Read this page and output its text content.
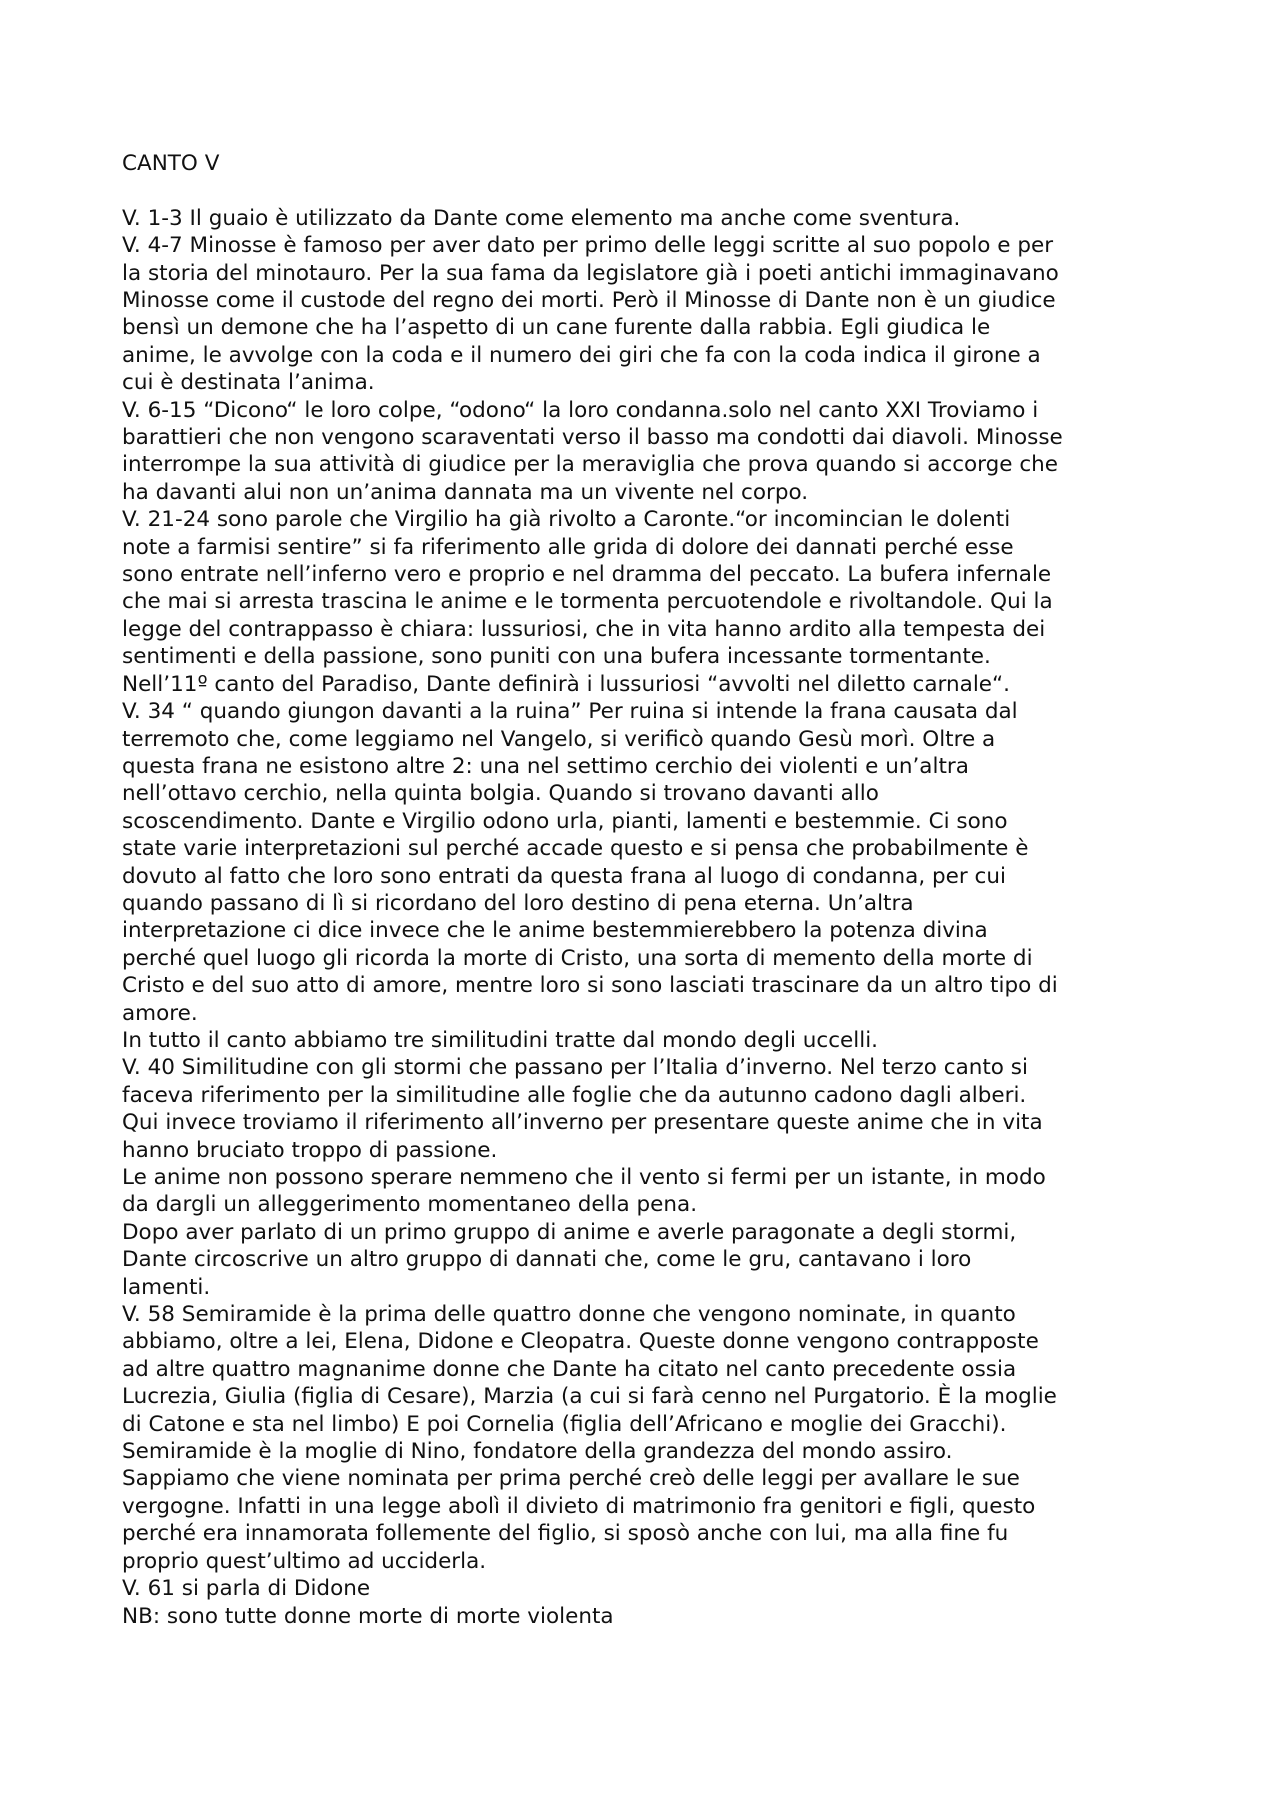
CANTO V
V. 1-3 Il guaio è utilizzato da Dante come elemento ma anche come sventura.
V. 4-7 Minosse è famoso per aver dato per primo delle leggi scritte al suo popolo e per
la storia del minotauro. Per la sua fama da legislatore già i poeti antichi immaginavano
Minosse come il custode del regno dei morti. Però il Minosse di Dante non è un giudice
bensì un demone che ha l’aspetto di un cane furente dalla rabbia. Egli giudica le
anime, le avvolge con la coda e il numero dei giri che fa con la coda indica il girone a
cui è destinata l’anima.
V. 6-15 “Dicono“ le loro colpe, “odono“ la loro condanna.solo nel canto XXI Troviamo i
barattieri che non vengono scaraventati verso il basso ma condotti dai diavoli. Minosse
interrompe la sua attività di giudice per la meraviglia che prova quando si accorge che
ha davanti alui non un’anima dannata ma un vivente nel corpo.
V. 21-24 sono parole che Virgilio ha già rivolto a Caronte.“or incomincian le dolenti
note a farmisi sentire” si fa riferimento alle grida di dolore dei dannati perché esse
sono entrate nell’inferno vero e proprio e nel dramma del peccato. La bufera infernale
che mai si arresta trascina le anime e le tormenta percuotendole e rivoltandole. Qui la
legge del contrappasso è chiara: lussuriosi, che in vita hanno ardito alla tempesta dei
sentimenti e della passione, sono puniti con una bufera incessante tormentante.
Nell’11º canto del Paradiso, Dante definirà i lussuriosi “avvolti nel diletto carnale“.
V. 34 “ quando giungon davanti a la ruina” Per ruina si intende la frana causata dal
terremoto che, come leggiamo nel Vangelo, si verificò quando Gesù morì. Oltre a
questa frana ne esistono altre 2: una nel settimo cerchio dei violenti e un’altra
nell’ottavo cerchio, nella quinta bolgia. Quando si trovano davanti allo
scoscendimento. Dante e Virgilio odono urla, pianti, lamenti e bestemmie. Ci sono
state varie interpretazioni sul perché accade questo e si pensa che probabilmente è
dovuto al fatto che loro sono entrati da questa frana al luogo di condanna, per cui
quando passano di lì si ricordano del loro destino di pena eterna. Un’altra
interpretazione ci dice invece che le anime bestemmierebbero la potenza divina
perché quel luogo gli ricorda la morte di Cristo, una sorta di memento della morte di
Cristo e del suo atto di amore, mentre loro si sono lasciati trascinare da un altro tipo di
amore.
In tutto il canto abbiamo tre similitudini tratte dal mondo degli uccelli.
V. 40 Similitudine con gli stormi che passano per l’Italia d’inverno. Nel terzo canto si
faceva riferimento per la similitudine alle foglie che da autunno cadono dagli alberi.
Qui invece troviamo il riferimento all’inverno per presentare queste anime che in vita
hanno bruciato troppo di passione.
Le anime non possono sperare nemmeno che il vento si fermi per un istante, in modo
da dargli un alleggerimento momentaneo della pena.
Dopo aver parlato di un primo gruppo di anime e averle paragonate a degli stormi,
Dante circoscrive un altro gruppo di dannati che, come le gru, cantavano i loro
lamenti.
V. 58 Semiramide è la prima delle quattro donne che vengono nominate, in quanto
abbiamo, oltre a lei, Elena, Didone e Cleopatra. Queste donne vengono contrapposte
ad altre quattro magnanime donne che Dante ha citato nel canto precedente ossia
Lucrezia, Giulia (figlia di Cesare), Marzia (a cui si farà cenno nel Purgatorio. È la moglie
di Catone e sta nel limbo) E poi Cornelia (figlia dell’Africano e moglie dei Gracchi).
Semiramide è la moglie di Nino, fondatore della grandezza del mondo assiro.
Sappiamo che viene nominata per prima perché creò delle leggi per avallare le sue
vergogne. Infatti in una legge abolì il divieto di matrimonio fra genitori e figli, questo
perché era innamorata follemente del figlio, si sposò anche con lui, ma alla fine fu
proprio quest’ultimo ad ucciderla.
V. 61 si parla di Didone
NB: sono tutte donne morte di morte violenta
